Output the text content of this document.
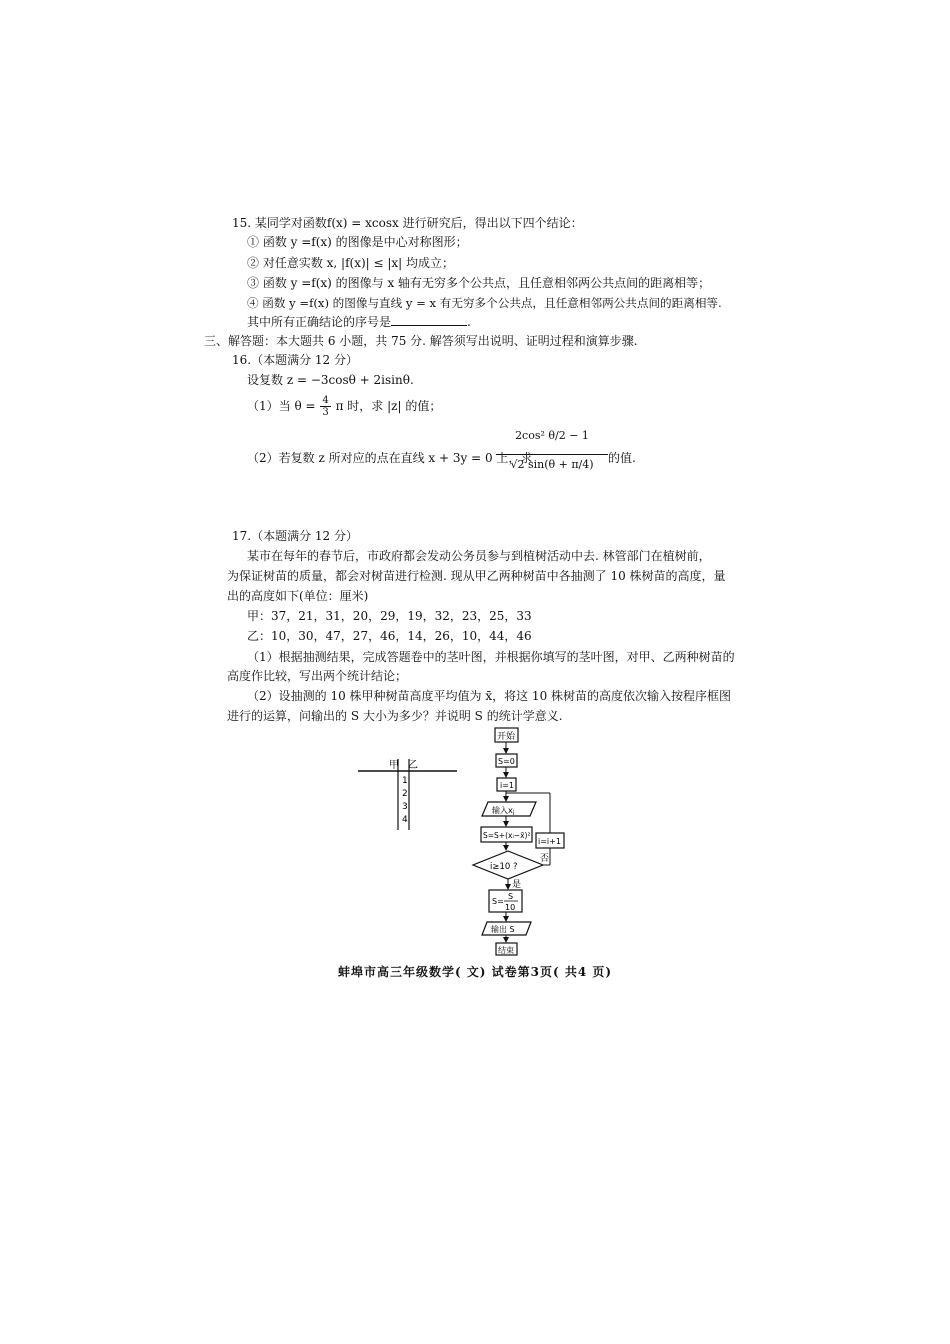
15. 某同学对函数f(x) = xcosx 进行研究后，得出以下四个结论：
① 函数 y =f(x) 的图像是中心对称图形；
② 对任意实数 x, |f(x)| ≤ |x| 均成立；
③ 函数 y =f(x) 的图像与 x 轴有无穷多个公共点，且任意相邻两公共点间的距离相等；
④ 函数 y =f(x) 的图像与直线 y = x 有无穷多个公共点，且任意相邻两公共点间的距离相等.
其中所有正确结论的序号是	.
三、解答题：本大题共 6 小题，共 75 分. 解答须写出说明、证明过程和演算步骤.
16.（本题满分 12 分）
设复数 z = −3cosθ + 2isinθ.
（1）当 $\theta = \frac{4}{3}$ π 时，求 |z| 的值；
（2）若复数 z 所对应的点在直线 x + 3y = 0 上，求
2cos² θ/2 − 1
√2 sin(θ + π/4)	的值.
17.（本题满分 12 分）
某市在每年的春节后，市政府都会发动公务员参与到植树活动中去. 林管部门在植树前，
为保证树苗的质量，都会对树苗进行检测. 现从甲乙两种树苗中各抽测了 10 株树苗的高度，量
出的高度如下(单位：厘米)
甲：37，21，31，20，29，19，32，23，25，33
乙：10，30，47，27，46，14，26，10，44，46
（1）根据抽测结果，完成答题卷中的茎叶图，并根据你填写的茎叶图，对甲、乙两种树苗的
高度作比较，写出两个统计结论；
（2）设抽测的 10 株甲种树苗高度平均值为 x̄，将这 10 株树苗的高度依次输入按程序框图
进行的运算，问输出的 S 大小为多少？并说明 S 的统计学意义.
甲 乙
1
2
3
4
开始
S=0
i=1
输入$x_i$
S=S+(xᵢ−x̄)²
i≥10 ?
i=i+1
否
是
S=
S
10
输出 S
结束
蚌埠市高三年级数学( 文) 试卷第3页( 共4 页)
